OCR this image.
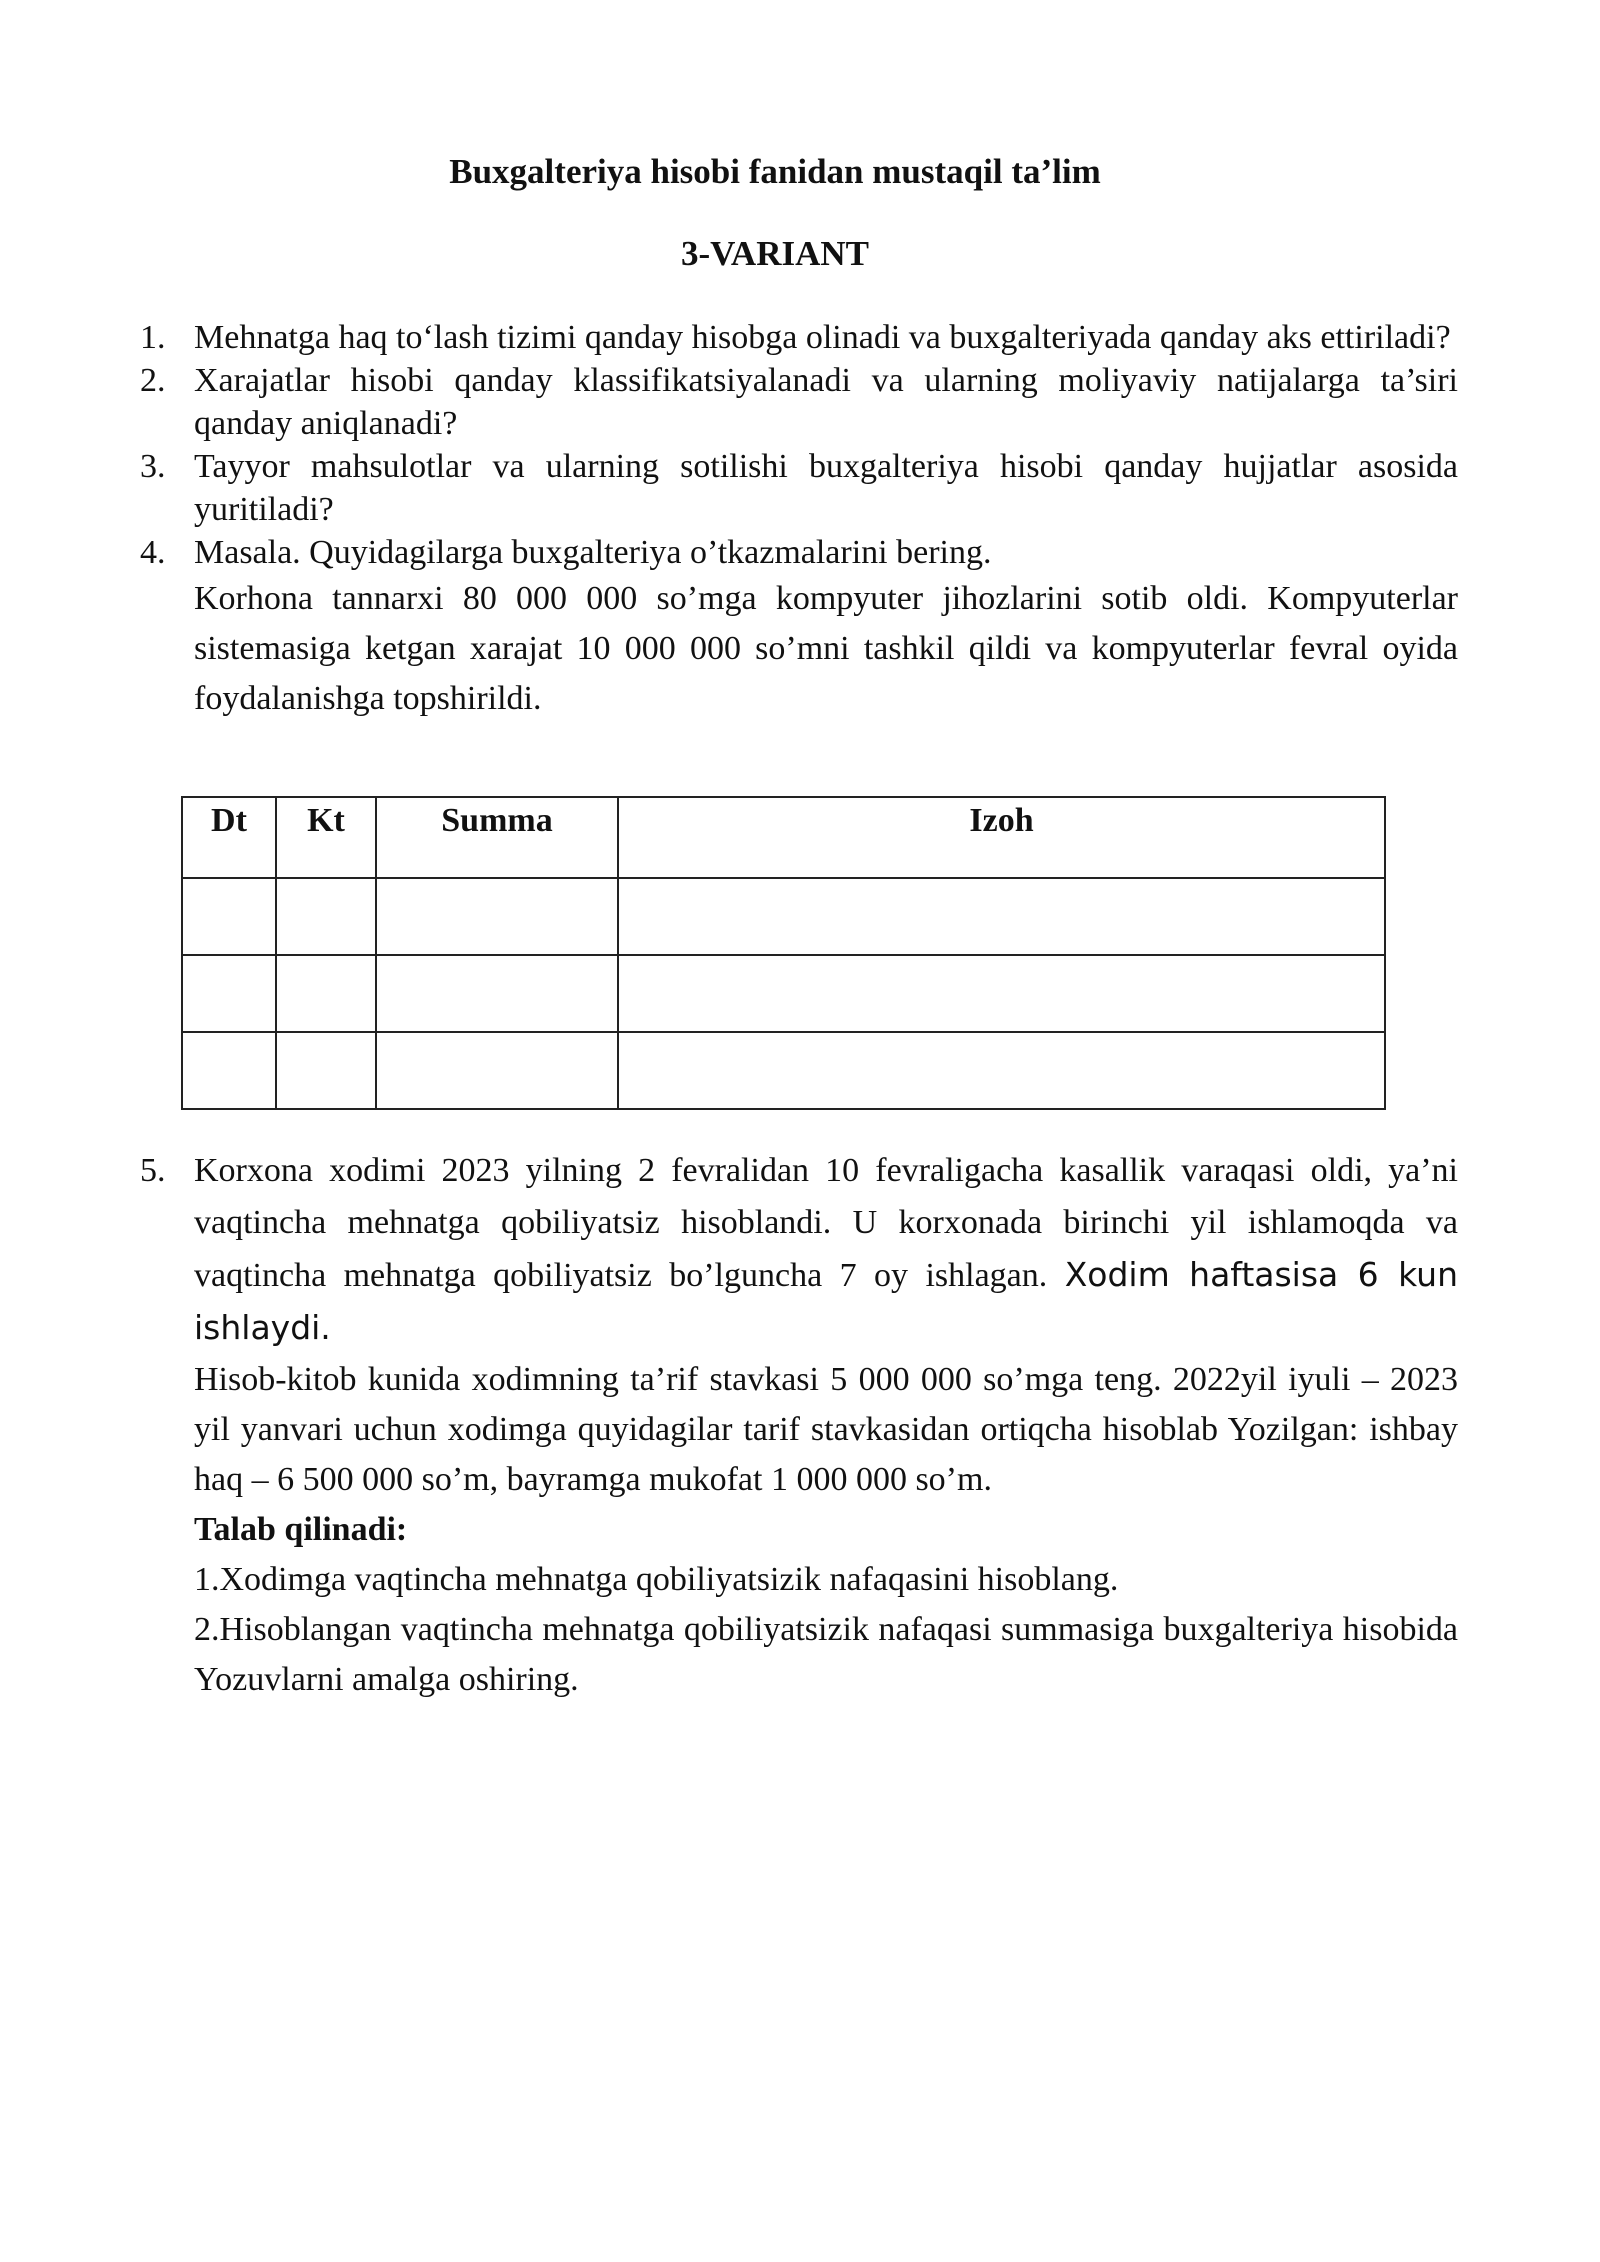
Buxgalteriya hisobi fanidan mustaqil ta’lim
3-VARIANT
1. Mehnatga haq to‘lash tizimi qanday hisobga olinadi va buxgalteriyada qanday aks ettiriladi?
2. Xarajatlar hisobi qanday klassifikatsiyalanadi va ularning moliyaviy natijalarga ta’siri qanday aniqlanadi?
3. Tayyor mahsulotlar va ularning sotilishi buxgalteriya hisobi qanday hujjatlar asosida yuritiladi?
4. Masala. Quyidagilarga buxgalteriya o’tkazmalarini bering.
Korhona tannarxi 80 000 000 so’mga kompyuter jihozlarini sotib oldi. Kompyuterlar sistemasiga ketgan xarajat 10 000 000 so’mni tashkil qildi va kompyuterlar fevral oyida foydalanishga topshirildi.
Dt	Kt	Summa	Izoh

5. Korxona xodimi 2023 yilning 2 fevralidan 10 fevraligacha kasallik varaqasi oldi, ya’ni vaqtincha mehnatga qobiliyatsiz hisoblandi. U korxonada birinchi yil ishlamoqda va vaqtincha mehnatga qobiliyatsiz bo’lguncha 7 oy ishlagan. Xodim haftasisa 6 kun ishlaydi.
Hisob-kitob kunida xodimning ta’rif stavkasi 5 000 000 so’mga teng. 2022yil iyuli – 2023 yil yanvari uchun xodimga quyidagilar tarif stavkasidan ortiqcha hisoblab Yozilgan: ishbay haq – 6 500 000 so’m, bayramga mukofat 1 000 000 so’m.
Talab qilinadi:
1.Xodimga vaqtincha mehnatga qobiliyatsizik nafaqasini hisoblang.
2.Hisoblangan vaqtincha mehnatga qobiliyatsizik nafaqasi summasiga buxgalteriya hisobida Yozuvlarni amalga oshiring.
